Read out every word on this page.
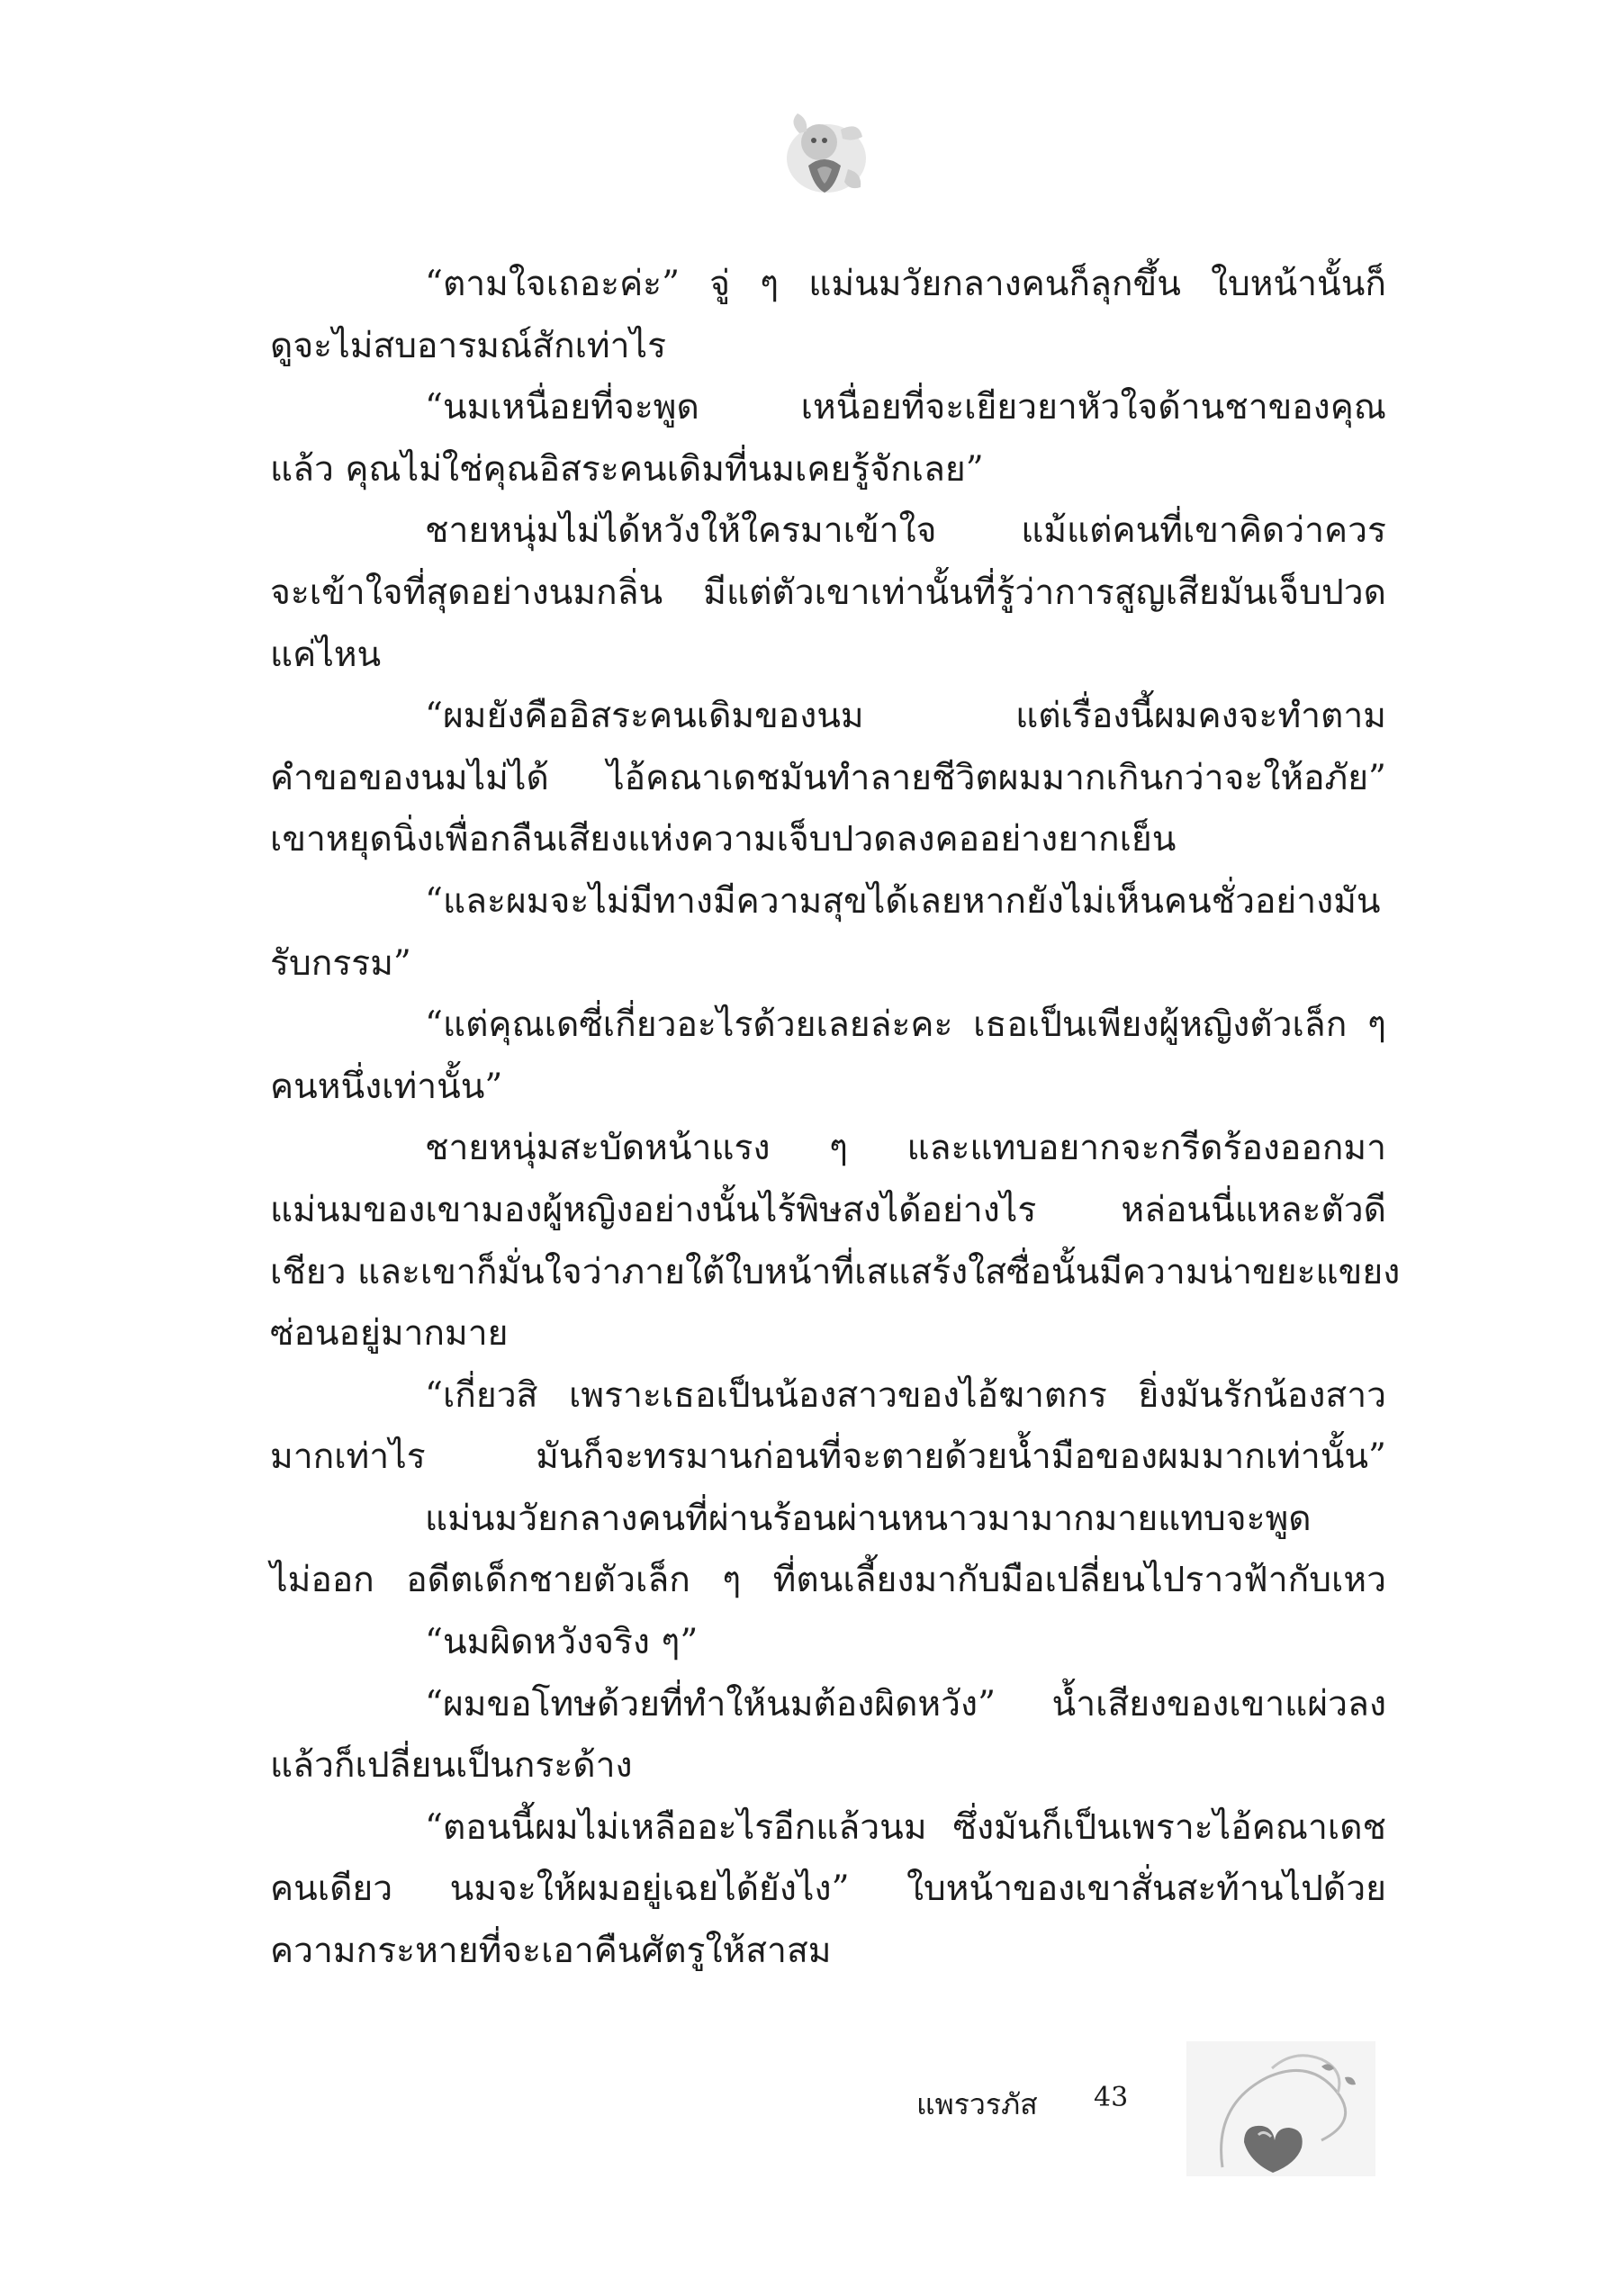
“ตามใจเถอะค่ะ” จู่ ๆ แม่นมวัยกลางคนก็ลุกขึ้น ใบหน้านั้นก็
ดูจะไม่สบอารมณ์สักเท่าไร
“นมเหนื่อยที่จะพูด เหนื่อยที่จะเยียวยาหัวใจด้านชาของคุณ
แล้ว คุณไม่ใช่คุณอิสระคนเดิมที่นมเคยรู้จักเลย”
ชายหนุ่มไม่ได้หวังให้ใครมาเข้าใจ แม้แต่คนที่เขาคิดว่าควร
จะเข้าใจที่สุดอย่างนมกลิ่น มีแต่ตัวเขาเท่านั้นที่รู้ว่าการสูญเสียมันเจ็บปวด
แค่ไหน
“ผมยังคืออิสระคนเดิมของนม แต่เรื่องนี้ผมคงจะทำตาม
คำขอของนมไม่ได้ ไอ้คณาเดชมันทำลายชีวิตผมมากเกินกว่าจะให้อภัย”
เขาหยุดนิ่งเพื่อกลืนเสียงแห่งความเจ็บปวดลงคออย่างยากเย็น
“และผมจะไม่มีทางมีความสุขได้เลยหากยังไม่เห็นคนชั่วอย่างมัน
รับกรรม”
“แต่คุณเดซี่เกี่ยวอะไรด้วยเลยล่ะคะ เธอเป็นเพียงผู้หญิงตัวเล็ก ๆ
คนหนึ่งเท่านั้น”
ชายหนุ่มสะบัดหน้าแรง ๆ และแทบอยากจะกรีดร้องออกมา
แม่นมของเขามองผู้หญิงอย่างนั้นไร้พิษสงได้อย่างไร หล่อนนี่แหละตัวดี
เชียว และเขาก็มั่นใจว่าภายใต้ใบหน้าที่เสแสร้งใสซื่อนั้นมีความน่าขยะแขยง
ซ่อนอยู่มากมาย
“เกี่ยวสิ เพราะเธอเป็นน้องสาวของไอ้ฆาตกร ยิ่งมันรักน้องสาว
มากเท่าไร มันก็จะทรมานก่อนที่จะตายด้วยน้ำมือของผมมากเท่านั้น”
แม่นมวัยกลางคนที่ผ่านร้อนผ่านหนาวมามากมายแทบจะพูด
ไม่ออก อดีตเด็กชายตัวเล็ก ๆ ที่ตนเลี้ยงมากับมือเปลี่ยนไปราวฟ้ากับเหว
“นมผิดหวังจริง ๆ”
“ผมขอโทษด้วยที่ทำให้นมต้องผิดหวัง” น้ำเสียงของเขาแผ่วลง
แล้วก็เปลี่ยนเป็นกระด้าง
“ตอนนี้ผมไม่เหลืออะไรอีกแล้วนม ซึ่งมันก็เป็นเพราะไอ้คณาเดช
คนเดียว นมจะให้ผมอยู่เฉยได้ยังไง” ใบหน้าของเขาสั่นสะท้านไปด้วย
ความกระหายที่จะเอาคืนศัตรูให้สาสม
แพรวรภัส 43
